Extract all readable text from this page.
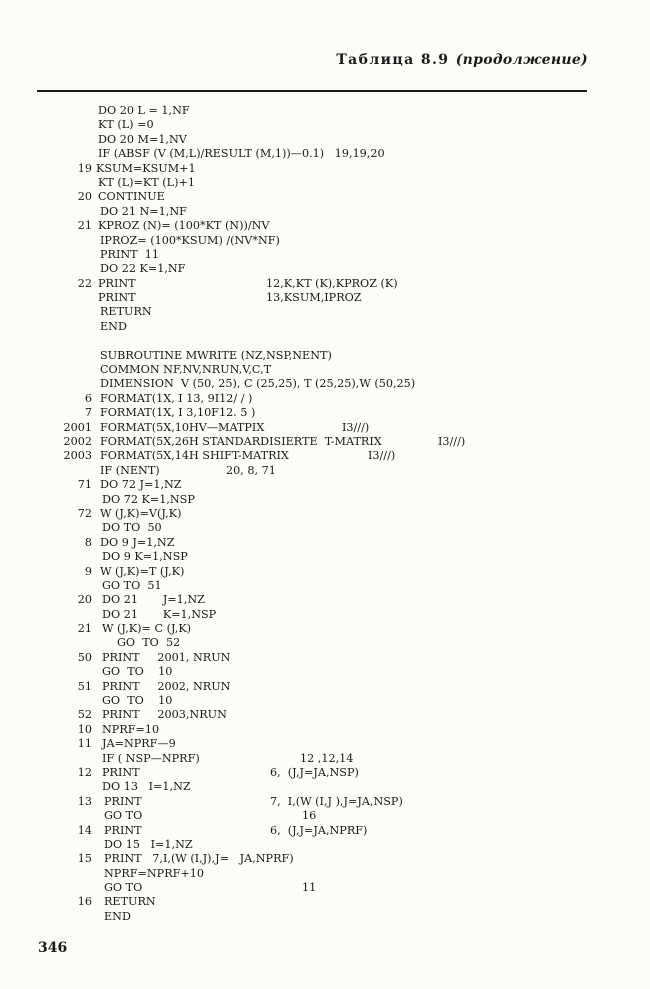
Таблица 8.9 (продолжение)
DO 20 L = 1,NF
KT (L) =0
DO 20 M=1,NV
IF (ABSF (V (M,L)/RESULT (M,1))—0.1)   19,19,20
19 KSUM=KSUM+1
KT (L)=KT (L)+1
20 CONTINUE
DO 21 N=1,NF
21 KPROZ (N)= (100*KT (N))/NV
IPROZ= (100*KSUM) /(NV*NF)
PRINT  11
DO 22 K=1,NF
22 PRINT	12,K,KT (K),KPROZ (K)
PRINT	13,KSUM,IPROZ
RETURN
END
SUBROUTINE MWRITE (NZ,NSP,NENT)
COMMON NF,NV,NRUN,V,C,T
DIMENSION  V (50, 25), C (25,25), T (25,25),W (50,25)
6 FORMAT(1X, I 13, 9I12/ / )
7 FORMAT(1X, I 3,10F12. 5 )
2001 FORMAT(5X,10HV—MATPIX	I3///)
2002 FORMAT(5X,26H STANDARDISIERTE  T-MATRIX	I3///)
2003 FORMAT(5X,14H SHIFT-MATRIX	I3///)
IF (NENT)	20, 8, 71
71 DO 72 J=1,NZ
DO 72 K=1,NSP
72 W (J,K)=V(J,K)
DO TO  50
8 DO 9 J=1,NZ
DO 9 K=1,NSP
9 W (J,K)=T (J,K)
GO TO  51
20 DO 21       J=1,NZ
DO 21       K=1,NSP
21 W (J,K)= C (J,K)
GO  TO  52
50 PRINT     2001, NRUN
GO  TO    10
51 PRINT     2002, NRUN
GO  TO    10
52 PRINT     2003,NRUN
10 NPRF=10
11 JA=NPRF—9
IF ( NSP—NPRF)	12 ,12,14
12 PRINT	6,  (J,J=JA,NSP)
DO 13   I=1,NZ
13 PRINT	7,  I,(W (I,J ),J=JA,NSP)
GO TO	16
14 PRINT	6,  (J,J=JA,NPRF)
DO 15   I=1,NZ
15 PRINT   7,I,(W (I,J),J=   JA,NPRF)
NPRF=NPRF+10
GO TO	11
16 RETURN
END
346
